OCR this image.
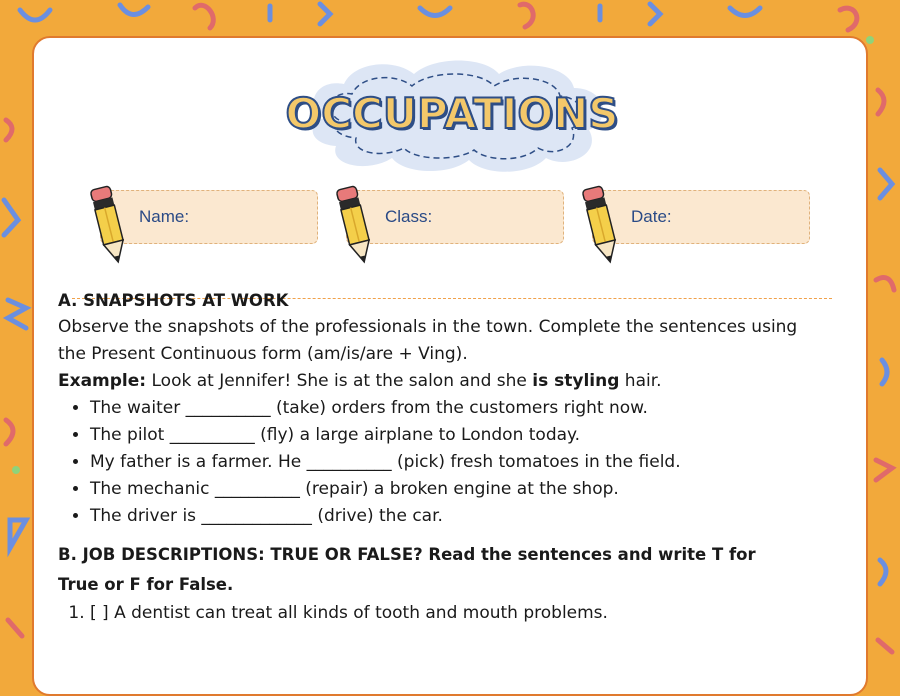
OCCUPATIONS
Name:	Class:	Date:

A. SNAPSHOTS AT WORK

Observe the snapshots of the professionals in the town. Complete the sentences using the Present Continuous form (am/is/are + Ving).

Example: Look at Jennifer! She is at the salon and she is styling hair.

• The waiter __________ (take) orders from the customers right now.
• The pilot __________ (fly) a large airplane to London today.
• My father is a farmer. He __________ (pick) fresh tomatoes in the field.
• The mechanic __________ (repair) a broken engine at the shop.
• The driver is _____________ (drive) the car.

B. JOB DESCRIPTIONS: TRUE OR FALSE? Read the sentences and write T for True or F for False.

1. [ ] A dentist can treat all kinds of tooth and mouth problems.
